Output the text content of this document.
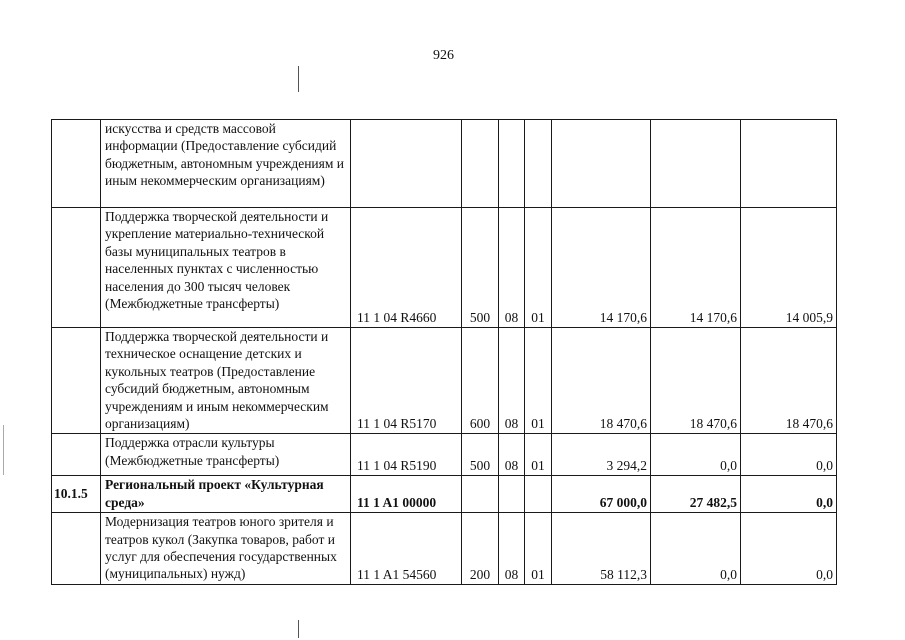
926
	искусства и средств массовой информации (Предоставление субсидий бюджетным, автономным учреждениям и иным некоммерческим организациям)							
	Поддержка творческой деятельности и укрепление материально-технической базы муниципальных театров в населенных пунктах с численностью населения до 300 тысяч человек (Межбюджетные трансферты)	11 1 04 R4660	500	08	01	14 170,6	14 170,6	14 005,9
	Поддержка творческой деятельности и техническое оснащение детских и кукольных театров (Предоставление субсидий бюджетным, автономным учреждениям и иным некоммерческим организациям)	11 1 04 R5170	600	08	01	18 470,6	18 470,6	18 470,6
	Поддержка отрасли культуры (Межбюджетные трансферты)	11 1 04 R5190	500	08	01	3 294,2	0,0	0,0
10.1.5	Региональный проект «Культурная среда»	11 1 A1 00000				67 000,0	27 482,5	0,0
	Модернизация театров юного зрителя и театров кукол (Закупка товаров, работ и услуг для обеспечения государственных (муниципальных) нужд)	11 1 A1 54560	200	08	01	58 112,3	0,0	0,0
